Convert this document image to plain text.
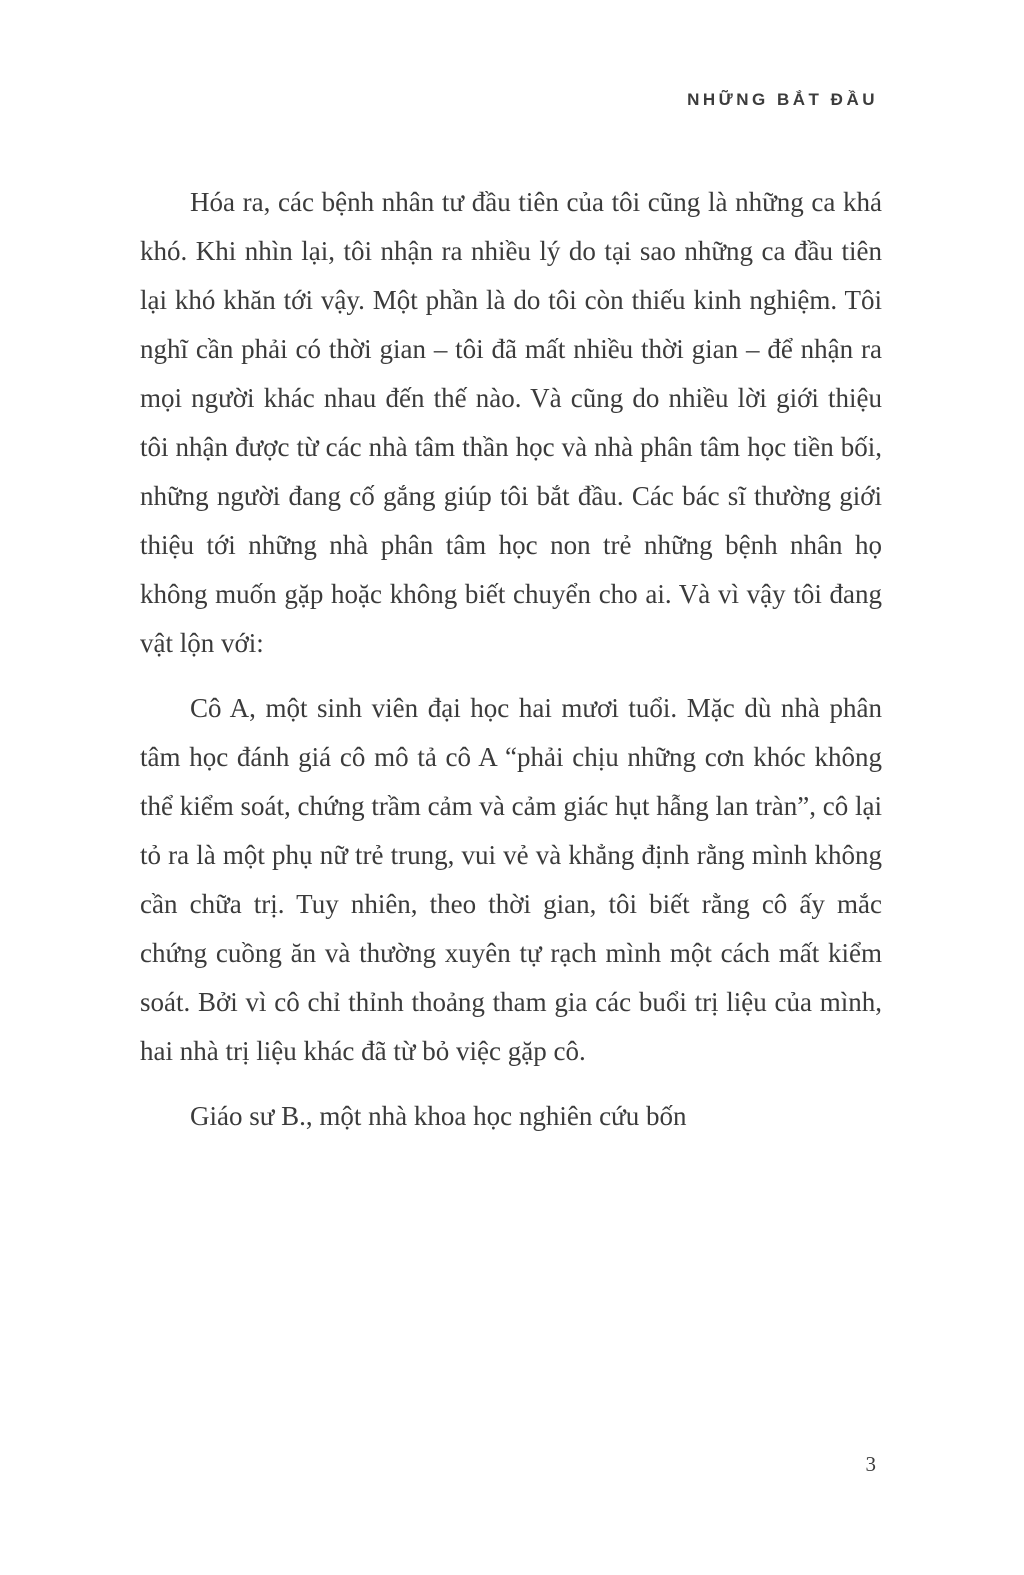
NHỮNG BẮT ĐẦU

Hóa ra, các bệnh nhân tư đầu tiên của tôi cũng là những ca khá khó. Khi nhìn lại, tôi nhận ra nhiều lý do tại sao những ca đầu tiên lại khó khăn tới vậy. Một phần là do tôi còn thiếu kinh nghiệm. Tôi nghĩ cần phải có thời gian – tôi đã mất nhiều thời gian – để nhận ra mọi người khác nhau đến thế nào. Và cũng do nhiều lời giới thiệu tôi nhận được từ các nhà tâm thần học và nhà phân tâm học tiền bối, những người đang cố gắng giúp tôi bắt đầu. Các bác sĩ thường giới thiệu tới những nhà phân tâm học non trẻ những bệnh nhân họ không muốn gặp hoặc không biết chuyển cho ai. Và vì vậy tôi đang vật lộn với:

Cô A, một sinh viên đại học hai mươi tuổi. Mặc dù nhà phân tâm học đánh giá cô mô tả cô A “phải chịu những cơn khóc không thể kiểm soát, chứng trầm cảm và cảm giác hụt hẫng lan tràn”, cô lại tỏ ra là một phụ nữ trẻ trung, vui vẻ và khẳng định rằng mình không cần chữa trị. Tuy nhiên, theo thời gian, tôi biết rằng cô ấy mắc chứng cuồng ăn và thường xuyên tự rạch mình một cách mất kiểm soát. Bởi vì cô chỉ thỉnh thoảng tham gia các buổi trị liệu của mình, hai nhà trị liệu khác đã từ bỏ việc gặp cô.

Giáo sư B., một nhà khoa học nghiên cứu bốn

3
